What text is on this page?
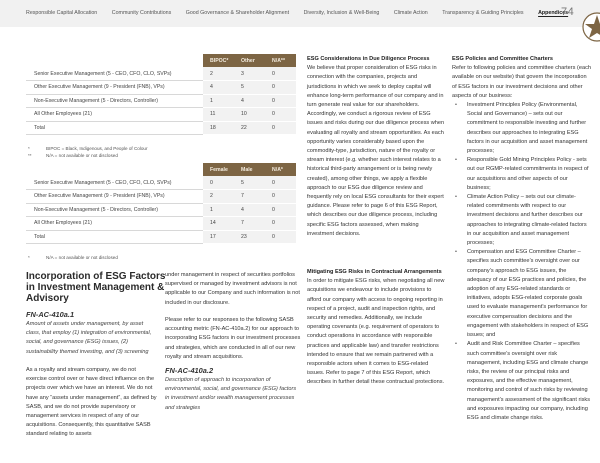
Responsible Capital Allocation	Community Contributions	Good Governance & Shareholder Alignment	Diversity, Inclusion & Well-Being	Climate Action	Transparency & Guiding Principles	Appendices
74
	BIPOC*	Other	N/A**
Senior Executive Management (5 - CEO, CFO, CLO, SVPs)	2	3	0
Other Executive Management (9 - President (FNB), VPs)	4	5	0
Non-Executive Management (5 - Directors, Controller)	1	4	0
All Other Employees (21)	11	10	0
Total	18	22	0
*	BIPOC = Black, Indigenous, and People of Colour
**	N/A = not available or not disclosed
	Female	Male	N/A*
Senior Executive Management (5 - CEO, CFO, CLO, SVPs)	0	5	0
Other Executive Management (9 - President (FNB), VPs)	2	7	0
Non-Executive Management (5 - Directors, Controller)	1	4	0
All Other Employees (21)	14	7	0
Total	17	23	0
*	N/A = not available or not disclosed
Incorporation of ESG Factors in Investment Management & Advisory
FN-AC-410a.1
Amount of assets under management, by asset class, that employ (1) integration of environmental, social, and governance (ESG) issues, (2) sustainability themed investing, and (3) screening
As a royalty and stream company, we do not exercise control over or have direct influence on the projects over which we have an interest. We do not have any “assets under management”, as defined by SASB, and we do not provide supervisory or management services in respect of any of our acquisitions. Consequently, this quantitative SASB standard relating to assets
under management in respect of securities portfolios supervised or managed by investment advisors is not applicable to our Company and such information is not included in our disclosure.
Please refer to our responses to the following SASB accounting metric (FN-AC-410a.2) for our approach to incorporating ESG factors in our investment processes and strategies, which are conducted in all of our new royalty and stream acquisitions.
FN-AC-410a.2
Description of approach to incorporation of environmental, social, and governance (ESG) factors in investment and/or wealth management processes and strategies
ESG Considerations in Due Diligence Process
We believe that proper consideration of ESG risks in connection with the companies, projects and jurisdictions in which we seek to deploy capital will enhance long-term performance of our company and in turn generate real value for our shareholders. Accordingly, we conduct a rigorous review of ESG issues and risks during our due diligence process when evaluating all royalty and stream opportunities. As each opportunity varies considerably based upon the commodity-type, jurisdiction, nature of the royalty or stream interest (e.g. whether such interest relates to a historical third-party arrangement or is being newly created), among other things, we apply a flexible approach to our ESG due diligence review and frequently rely on local ESG consultants for their expert guidance. Please refer to page 6 of this ESG Report, which describes our due diligence process, including specific ESG factors assessed, when making investment decisions.
Mitigating ESG Risks in Contractual Arrangements
In order to mitigate ESG risks, when negotiating all new acquisitions we endeavour to include provisions to afford our company with access to ongoing reporting in respect of a project, audit and inspection rights, and security and remedies. Additionally, we include operating covenants (e.g. requirement of operators to conduct operations in accordance with responsible practices and applicable law) and transfer restrictions intended to ensure that we remain partnered with a responsible actors when it comes to ESG-related issues. Refer to page 7 of this ESG Report, which describes in further detail these contractual protections.
ESG Policies and Committee Charters
Refer to following policies and committee charters (each available on our website) that govern the incorporation of ESG factors in our investment decisions and other aspects of our business:
• Investment Principles Policy (Environmental, Social and Governance) – sets out our commitment to responsible investing and further describes our approaches to integrating ESG factors in our acquisition and asset management processes;
• Responsible Gold Mining Principles Policy - sets out our RGMP-related commitments in respect of our acquisitions and other aspects of our business;
• Climate Action Policy – sets out our climate-related commitments with respect to our investment decisions and further describes our approaches to integrating climate-related factors in our acquisition and asset management processes;
• Compensation and ESG Committee Charter – specifies such committee’s oversight over our company’s approach to ESG issues, the adequacy of our ESG practices and policies, the adoption of any ESG-related standards or initiatives, adopts ESG-related corporate goals used to evaluate management’s performance for executive compensation decisions and the engagement with stakeholders in respect of ESG issues; and
• Audit and Risk Committee Charter – specifies such committee’s oversight over risk management, including ESG and climate change risks, the review of our principal risks and exposures, and the effective management, monitoring and control of such risks by reviewing management’s assessment of the significant risks and exposures impacting our company, including ESG and climate change risks.
